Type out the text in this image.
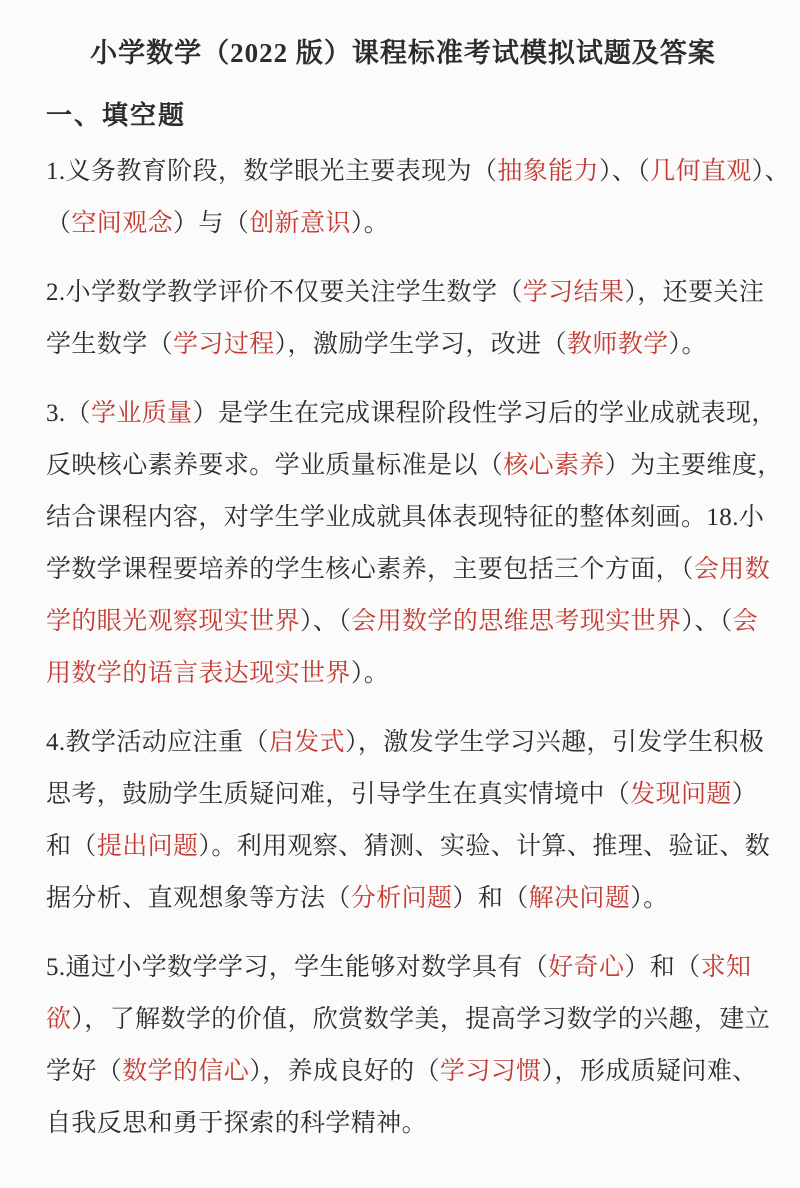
小学数学（2022 版）课程标准考试模拟试题及答案
一、填空题
1.义务教育阶段，数学眼光主要表现为（抽象能力）、（几何直观）、
（空间观念）与（创新意识）。
2.小学数学教学评价不仅要关注学生数学（学习结果），还要关注
学生数学（学习过程），激励学生学习，改进（教师教学）。
3.（学业质量）是学生在完成课程阶段性学习后的学业成就表现，
反映核心素养要求。学业质量标准是以（核心素养）为主要维度，
结合课程内容，对学生学业成就具体表现特征的整体刻画。18.小
学数学课程要培养的学生核心素养，主要包括三个方面，（会用数
学的眼光观察现实世界）、（会用数学的思维思考现实世界）、（会
用数学的语言表达现实世界）。
4.教学活动应注重（启发式），激发学生学习兴趣，引发学生积极
思考，鼓励学生质疑问难，引导学生在真实情境中（发现问题）
和（提出问题）。利用观察、猜测、实验、计算、推理、验证、数
据分析、直观想象等方法（分析问题）和（解决问题）。
5.通过小学数学学习，学生能够对数学具有（好奇心）和（求知
欲），了解数学的价值，欣赏数学美，提高学习数学的兴趣，建立
学好（数学的信心），养成良好的（学习习惯），形成质疑问难、
自我反思和勇于探索的科学精神。
